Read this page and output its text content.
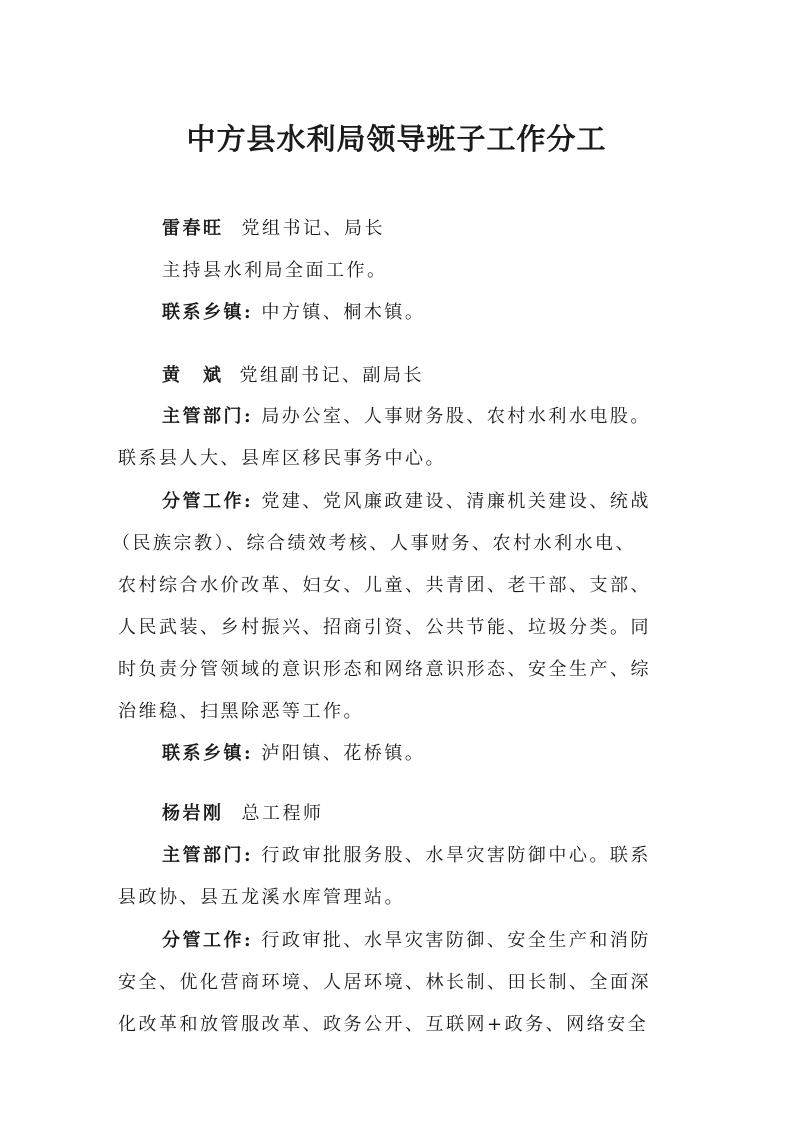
中方县水利局领导班子工作分工
雷春旺 党组书记、局长
主持县水利局全面工作。
联系乡镇: 中方镇、桐木镇。
黄　斌 党组副书记、副局长
主管部门: 局办公室、人事财务股、农村水利水电股。
联系县人大、县库区移民事务中心。
分管工作: 党建、党风廉政建设、清廉机关建设、统战
（民族宗教）、综合绩效考核、人事财务、农村水利水电、
农村综合水价改革、妇女、儿童、共青团、老干部、支部、
人民武装、乡村振兴、招商引资、公共节能、垃圾分类。同
时负责分管领域的意识形态和网络意识形态、安全生产、综
治维稳、扫黑除恶等工作。
联系乡镇: 泸阳镇、花桥镇。
杨岩刚 总工程师
主管部门: 行政审批服务股、水旱灾害防御中心。联系
县政协、县五龙溪水库管理站。
分管工作: 行政审批、水旱灾害防御、安全生产和消防
安全、优化营商环境、人居环境、林长制、田长制、全面深
化改革和放管服改革、政务公开、互联网+政务、网络安全
